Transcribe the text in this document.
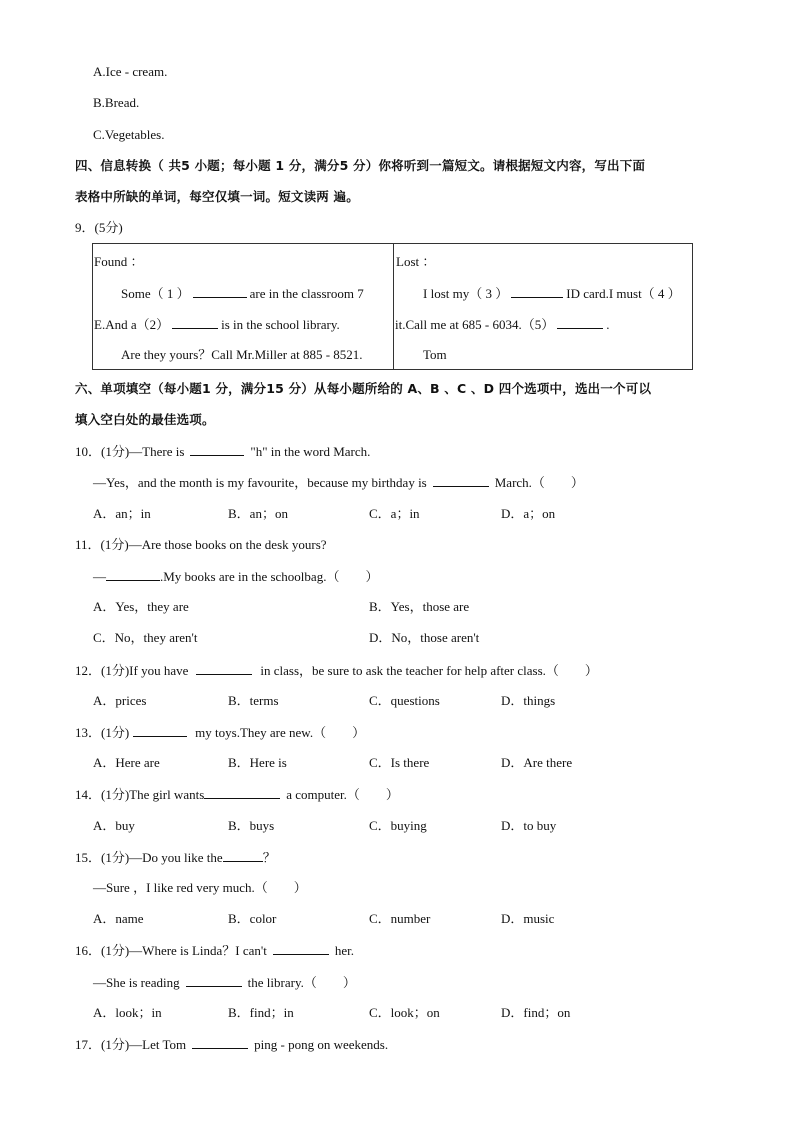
A.Ice - cream.
B.Bread.
C.Vegetables.
四、信息转换（ 共5 小题；每小题 1 分，满分5 分）你将听到一篇短文。请根据短文内容，写出下面
表格中所缺的单词，每空仅填一词。短文读两 遍。
9．(5分)
Found ：
Some（ 1 ）	are in the classroom 7
E.And a（2）	is in the school library.
Are they yours？Call Mr.Miller at 885 - 8521.

Lost ：
I lost my（ 3 ）	ID card.I must（ 4 ）
it.Call me at 685 - 6034.（5）	.
Tom
六、单项填空（每小题1 分，满分15 分）从每小题所给的 A、B 、C 、D 四个选项中，选出一个可以
填入空白处的最佳选项。
10．(1分)—There is	"h" in the word March.
—Yes，and the month is my favourite，because my birthday is	March.（　　）
A．an；in	B．an；on	C．a；in	D．a；on
11．(1分)—Are those books on the desk yours?
—	.My books are in the schoolbag.（　　）
A．Yes，they are	B．Yes，those are
C．No，they aren't	D．No，those aren't
12．(1分)If you have	in class，be sure to ask the teacher for help after class.（　　）
A．prices	B．terms	C．questions	D．things
13．(1分)	my toys.They are new.（　　）
A．Here are	B．Here is	C．Is there	D．Are there
14．(1分)The girl wants	a computer.（　　）
A．buy	B．buys	C．buying	D．to buy
15．(1分)—Do you like the	？
—Sure ，I like red very much.（　　）
A．name	B．color	C．number	D．music
16．(1分)—Where is Linda？I can't	her.
—She is reading	the library.（　　）
A．look；in	B．find；in	C．look；on	D．find；on
17．(1分)—Let Tom	ping - pong on weekends.
